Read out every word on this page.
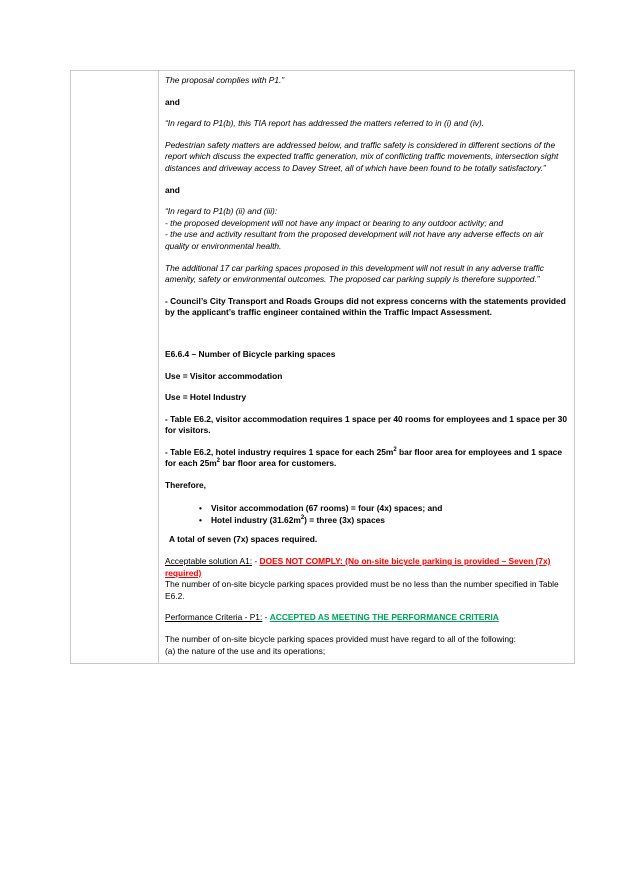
The proposal complies with P1.”

and

“In regard to P1(b), this TIA report has addressed the matters referred to in (i) and (iv).

Pedestrian safety matters are addressed below, and traffic safety is considered in different sections of the report which discuss the expected traffic generation, mix of conflicting traffic movements, intersection sight distances and driveway access to Davey Street, all of which have been found to be totally satisfactory.”

and

“In regard to P1(b) (ii) and (iii):

- the proposed development will not have any impact or bearing to any outdoor activity; and

- the use and activity resultant from the proposed development will not have any adverse effects on air quality or environmental health.

The additional 17 car parking spaces proposed in this development will not result in any adverse traffic amenity, safety or environmental outcomes. The proposed car parking supply is therefore supported.”

- Council’s City Transport and Roads Groups did not express concerns with the statements provided by the applicant’s traffic engineer contained within the Traffic Impact Assessment.

E6.6.4 – Number of Bicycle parking spaces

Use = Visitor accommodation

Use = Hotel Industry

- Table E6.2, visitor accommodation requires 1 space per 40 rooms for employees and 1 space per 30 for visitors.

- Table E6.2, hotel industry requires 1 space for each $25m^2$ bar floor area for employees and 1 space for each $25m^2$ bar floor area for customers.

Therefore,

• Visitor accommodation (67 rooms) = four (4x) spaces; and
• Hotel industry $(31.62m^2)$ = three (3x) spaces

A total of seven (7x) spaces required.

Acceptable solution A1: - DOES NOT COMPLY: (No on-site bicycle parking is provided – Seven (7x) required)

The number of on-site bicycle parking spaces provided must be no less than the number specified in Table E6.2.

Performance Criteria - P1: - ACCEPTED AS MEETING THE PERFORMANCE CRITERIA

The number of on-site bicycle parking spaces provided must have regard to all of the following:

(a) the nature of the use and its operations;
